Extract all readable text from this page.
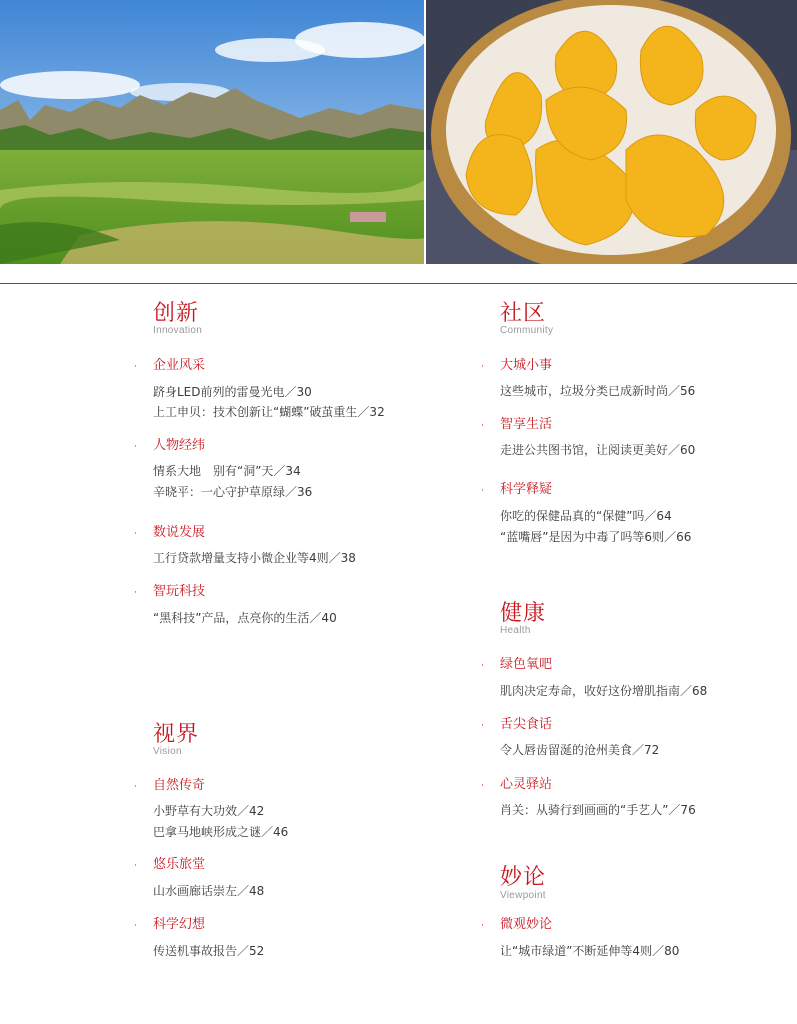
创新
Innovation
· 企业风采
跻身LED前列的雷曼光电／30
上工申贝：技术创新让“蝴蝶”破茧重生／32
· 人物经纬
情系大地　别有“洞”天／34
辛晓平：一心守护草原绿／36
· 数说发展
工行贷款增量支持小微企业等4则／38
· 智玩科技
“黑科技”产品，点亮你的生活／40
视界
Vision
· 自然传奇
小野草有大功效／42
巴拿马地峡形成之谜／46
· 悠乐旅堂
山水画廊话崇左／48
· 科学幻想
传送机事故报告／52
社区
Community
· 大城小事
这些城市，垃圾分类已成新时尚／56
· 智享生活
走进公共图书馆，让阅读更美好／60
· 科学释疑
你吃的保健品真的“保健”吗／64
“蓝嘴唇”是因为中毒了吗等6则／66
健康
Health
· 绿色氧吧
肌肉决定寿命，收好这份增肌指南／68
· 舌尖食话
令人唇齿留涎的沧州美食／72
· 心灵驿站
肖关：从骑行到画画的“手艺人”／76
妙论
Viewpoint
· 微观妙论
让“城市绿道”不断延伸等4则／80
